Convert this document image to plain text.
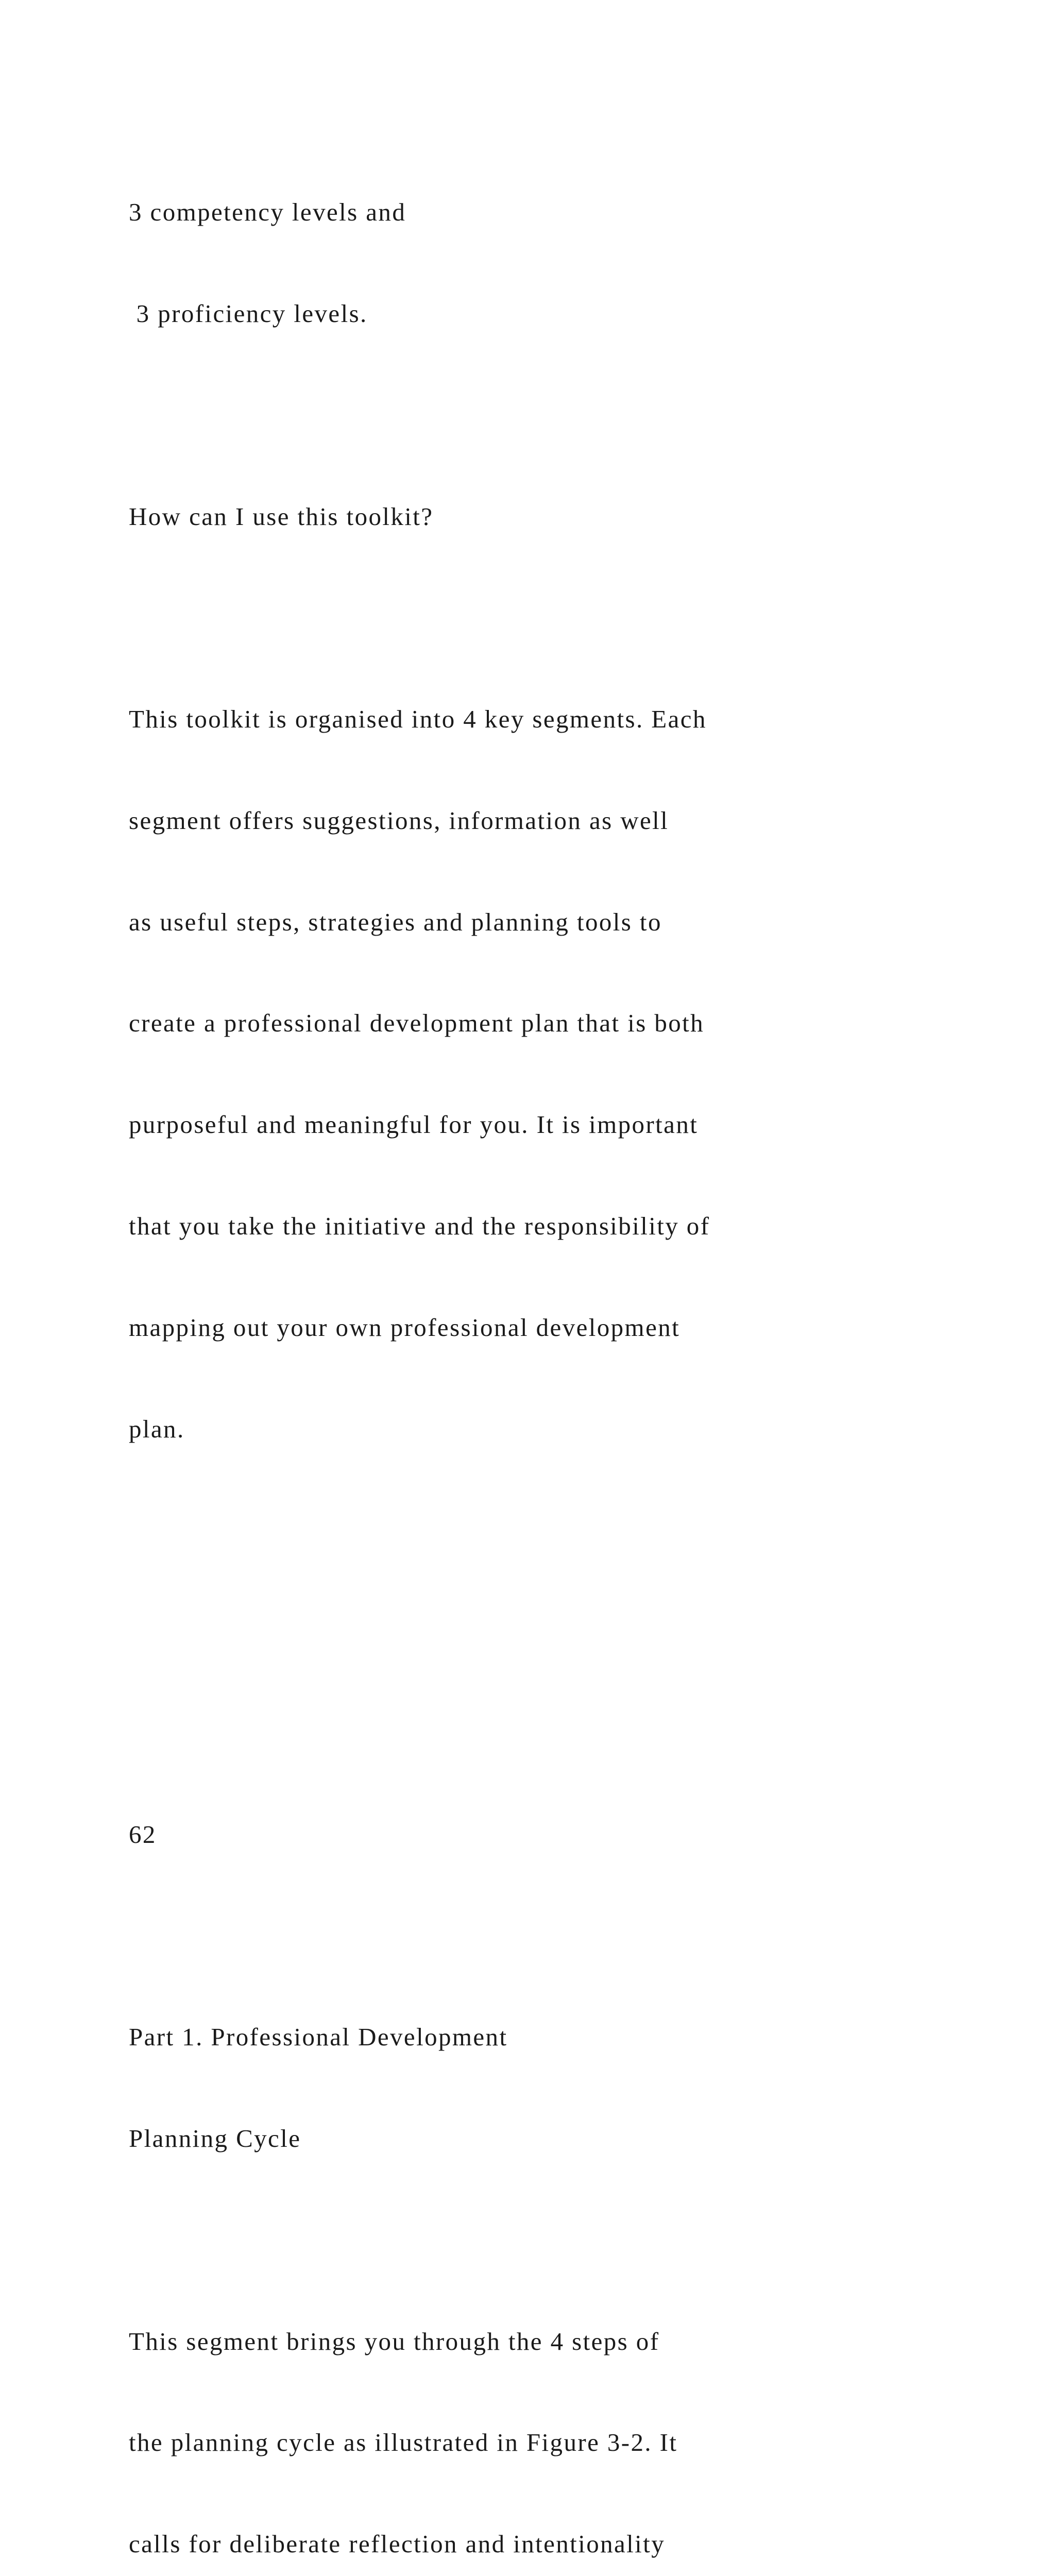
3 competency levels and

3 proficiency levels.

How can I use this toolkit?

This toolkit is organised into 4 key segments. Each

segment offers suggestions, information as well

as useful steps, strategies and planning tools to

create a professional development plan that is both

purposeful and meaningful for you. It is important

that you take the initiative and the responsibility of

mapping out your own professional development

plan.

62

Part 1. Professional Development

Planning Cycle

This segment brings you through the 4 steps of

the planning cycle as illustrated in Figure 3-2. It

calls for deliberate reflection and intentionality
